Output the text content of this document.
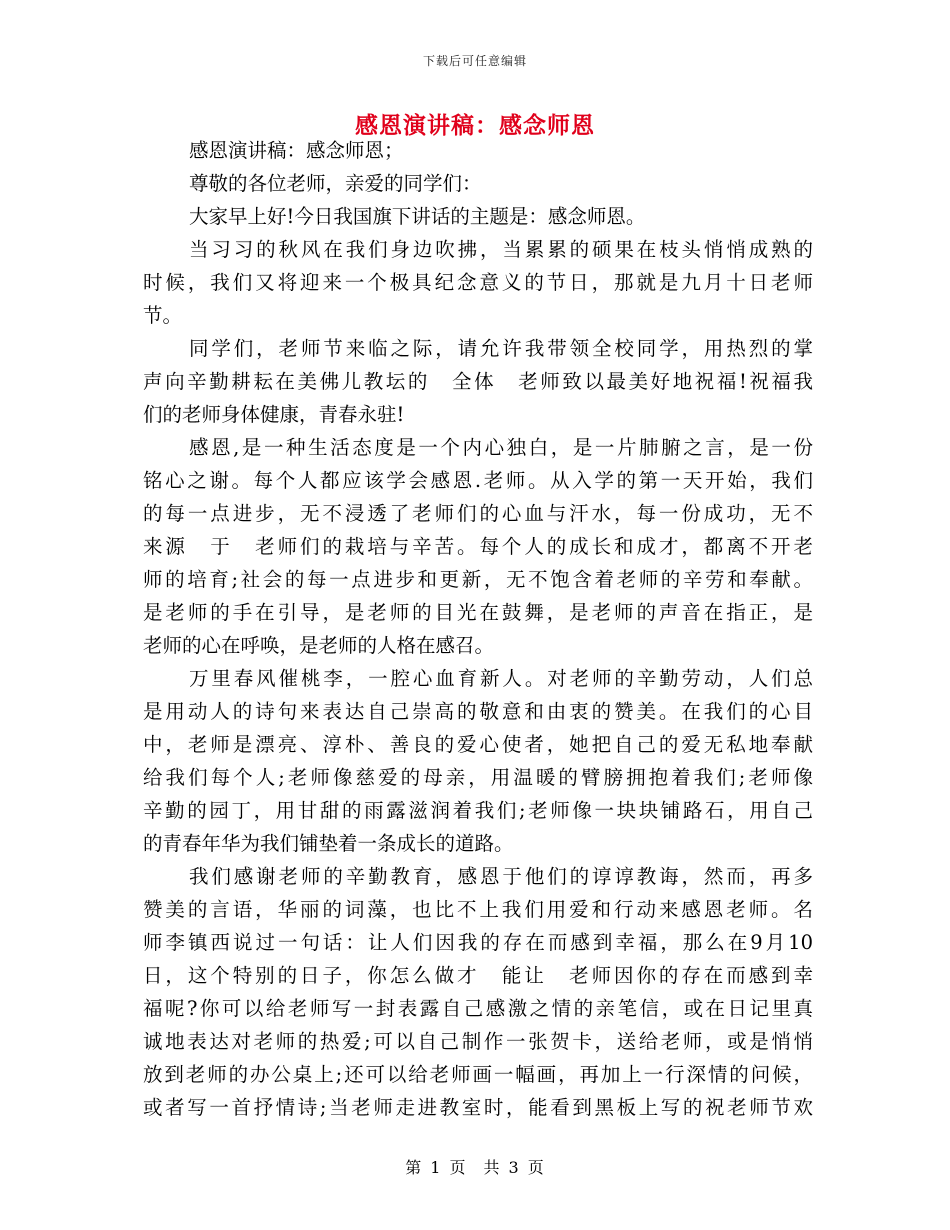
下载后可任意编辑
感恩演讲稿：感念师恩
感恩演讲稿：感念师恩；
尊敬的各位老师，亲爱的同学们：
大家早上好!今日我国旗下讲话的主题是：感念师恩。
当习习的秋风在我们身边吹拂，当累累的硕果在枝头悄悄成熟的
时候，我们又将迎来一个极具纪念意义的节日，那就是九月十日老师
节。
同学们，老师节来临之际，请允许我带领全校同学，用热烈的掌
声向辛勤耕耘在美佛儿教坛的　全体　老师致以最美好地祝福!祝福我
们的老师身体健康，青春永驻!
感恩,是一种生活态度是一个内心独白，是一片肺腑之言，是一份
铭心之谢。每个人都应该学会感恩.老师。从入学的第一天开始，我们
的每一点进步，无不浸透了老师们的心血与汗水，每一份成功，无不
来源　于　老师们的栽培与辛苦。每个人的成长和成才，都离不开老
师的培育;社会的每一点进步和更新，无不饱含着老师的辛劳和奉献。
是老师的手在引导，是老师的目光在鼓舞，是老师的声音在指正，是
老师的心在呼唤，是老师的人格在感召。
万里春风催桃李，一腔心血育新人。对老师的辛勤劳动，人们总
是用动人的诗句来表达自己崇高的敬意和由衷的赞美。在我们的心目
中，老师是漂亮、淳朴、善良的爱心使者，她把自己的爱无私地奉献
给我们每个人;老师像慈爱的母亲，用温暖的臂膀拥抱着我们;老师像
辛勤的园丁，用甘甜的雨露滋润着我们;老师像一块块铺路石，用自己
的青春年华为我们铺垫着一条成长的道路。
我们感谢老师的辛勤教育，感恩于他们的谆谆教诲，然而，再多
赞美的言语，华丽的词藻，也比不上我们用爱和行动来感恩老师。名
师李镇西说过一句话：让人们因我的存在而感到幸福，那么在9月10
日，这个特别的日子，你怎么做才　能让　老师因你的存在而感到幸
福呢?你可以给老师写一封表露自己感激之情的亲笔信，或在日记里真
诚地表达对老师的热爱;可以自己制作一张贺卡，送给老师，或是悄悄
放到老师的办公桌上;还可以给老师画一幅画，再加上一行深情的问候，
或者写一首抒情诗;当老师走进教室时，能看到黑板上写的祝老师节欢
第 1 页　共 3 页
